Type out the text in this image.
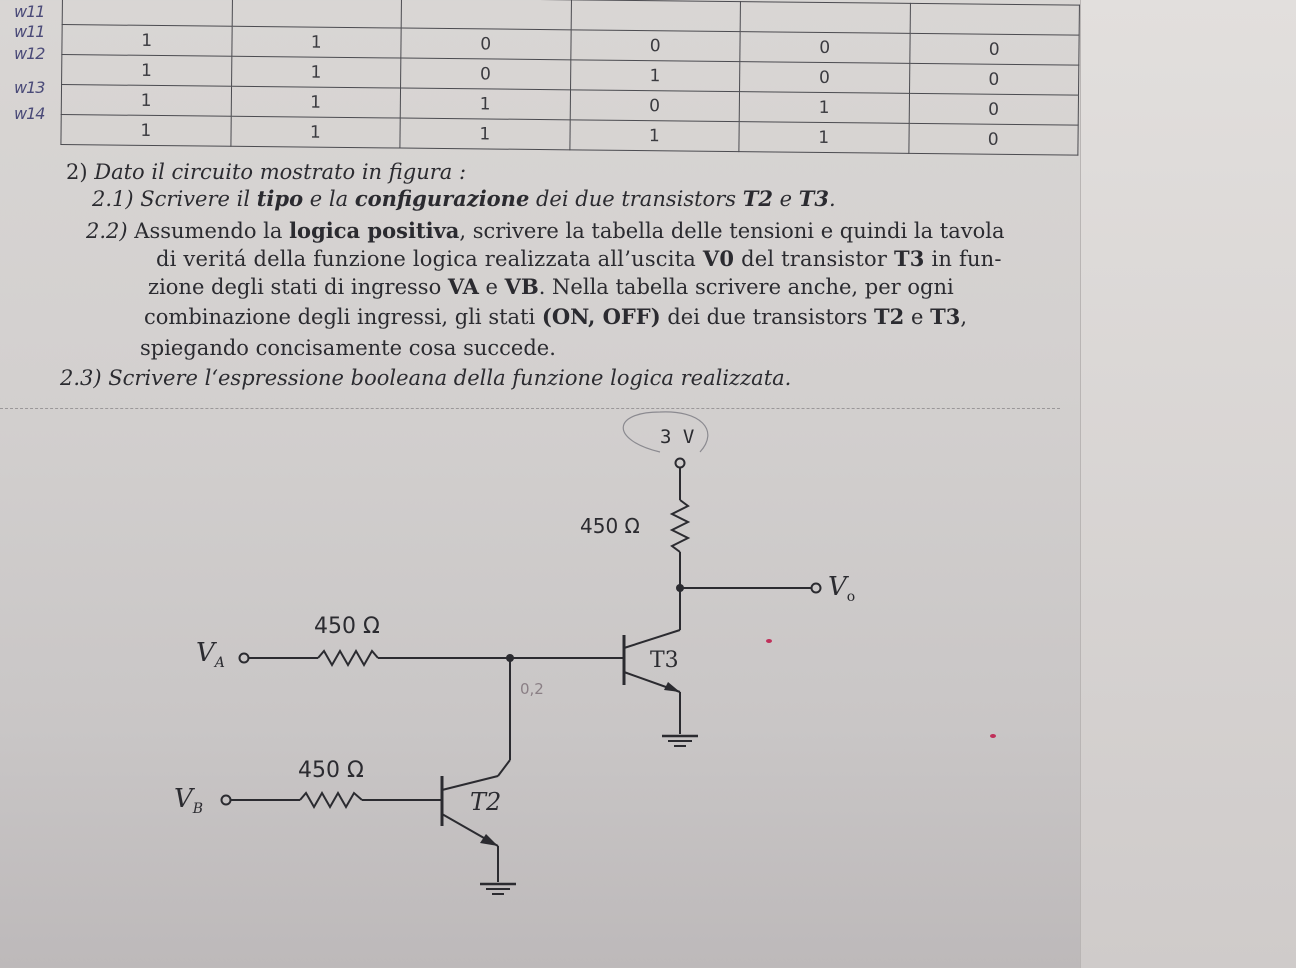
1	1	0	0	0	0
1	1	0	1	0	0
1	1	1	0	1	0
1	1	1	1	1	0
w11
w11
w12
w13
w14
2) Dato il circuito mostrato in figura :
2.1) Scrivere il tipo e la configurazione dei due transistors T2 e T3.
2.2) Assumendo la logica positiva, scrivere la tabella delle tensioni e quindi la tavola
di veritá della funzione logica realizzata all’uscita V0 del transistor T3 in fun-
zione degli stati di ingresso VA e VB. Nella tabella scrivere anche, per ogni
combinazione degli ingressi, gli stati (ON, OFF) dei due transistors T2 e T3,
spiegando concisamente cosa succede.
2.3) Scrivere l‘espressione booleana della funzione logica realizzata.
3 V
450 Ω
$V_o$
450 Ω
$V_A$	T3
450 Ω
$V_B$	T2
0,2
